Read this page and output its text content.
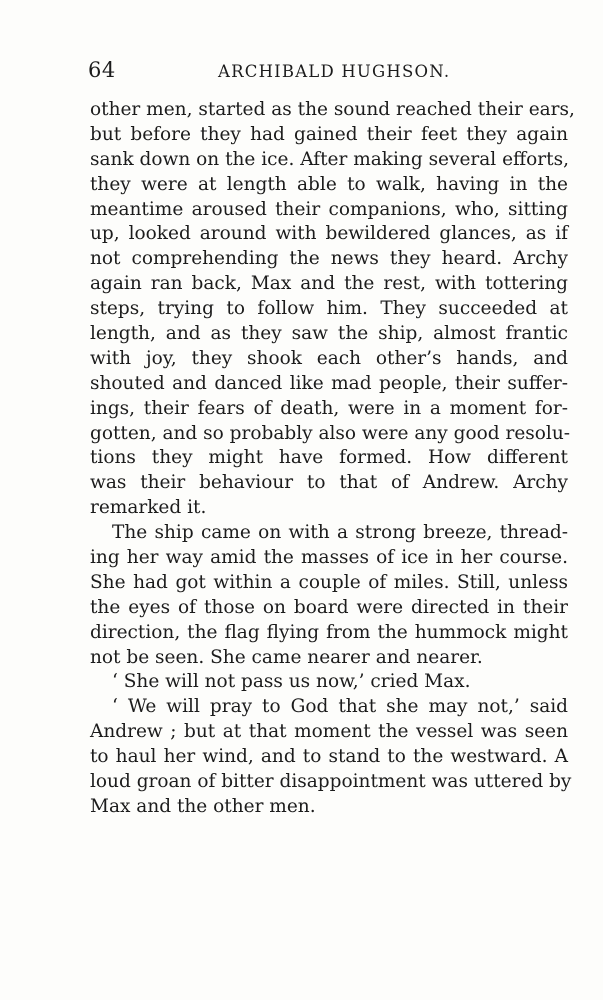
64	ARCHIBALD HUGHSON.
other men, started as the sound reached their ears,
but before they had gained their feet they again
sank down on the ice. After making several efforts,
they were at length able to walk, having in the
meantime aroused their companions, who, sitting
up, looked around with bewildered glances, as if
not comprehending the news they heard. Archy
again ran back, Max and the rest, with tottering
steps, trying to follow him. They succeeded at
length, and as they saw the ship, almost frantic
with joy, they shook each other’s hands, and
shouted and danced like mad people, their suffer-
ings, their fears of death, were in a moment for-
gotten, and so probably also were any good resolu-
tions they might have formed. How different
was their behaviour to that of Andrew. Archy
remarked it.
The ship came on with a strong breeze, thread-
ing her way amid the masses of ice in her course.
She had got within a couple of miles. Still, unless
the eyes of those on board were directed in their
direction, the flag flying from the hummock might
not be seen. She came nearer and nearer.
‘ She will not pass us now,’ cried Max.
‘ We will pray to God that she may not,’ said
Andrew ; but at that moment the vessel was seen
to haul her wind, and to stand to the westward. A
loud groan of bitter disappointment was uttered by
Max and the other men.
